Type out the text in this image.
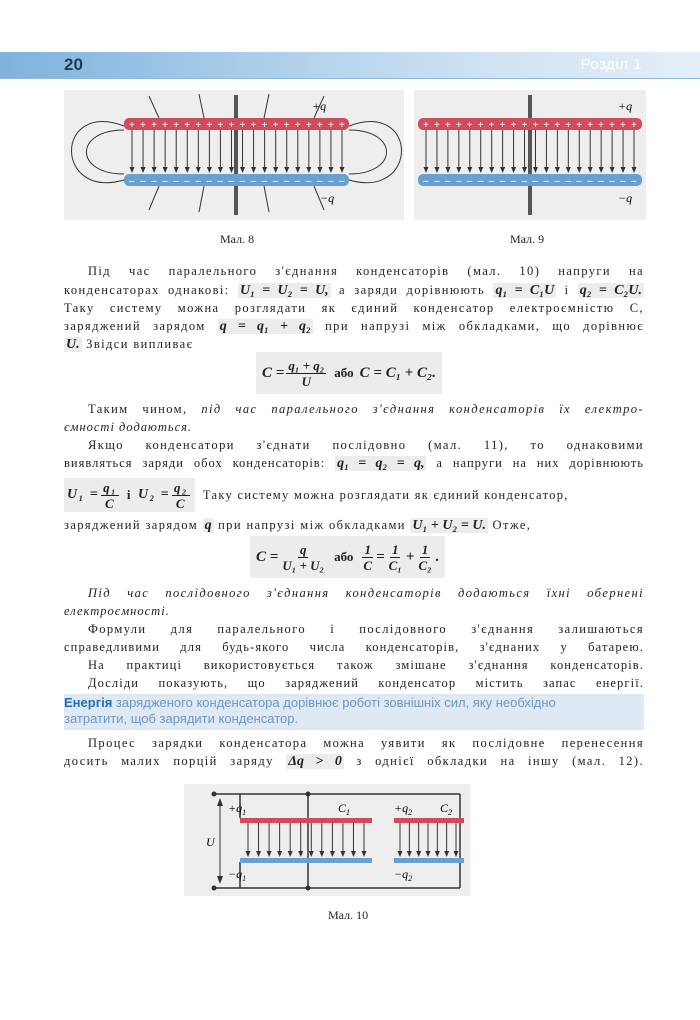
20	Розділ 1
+
–
+
–
+
–
+
–
+
–
+
–
+
–
+
–
+
–
+
–
+
–
+
–
+
–
+
–
+
–
+
–
+
–
+
–
+
–
+
–
+q
−q
Мал. 8
+
–
+
–
+
–
+
–
+
–
+
–
+
–
+
–
+
–
+
–
+
–
+
–
+
–
+
–
+
–
+
–
+
–
+
–
+
–
+
–
+q
−q
Мал. 9
Під час паралельного з'єднання конденсаторів (мал. 10) напруги на
конденсаторах однакові: U₁ = U₂ = U, а заряди дорівнюють q₁ = C₁U і q₂ = C₂U.
Таку систему можна розглядати як єдиний конденсатор електроємністю C,
заряджений зарядом q = q₁ + q₂ при напрузі між обкладками, що дорівнює
U. Звідси випливає
$C = \frac{\text{q₁ + q₂}}{U}$ або C = C₁ + C₂.
Таким чином, під час паралельного з'єднання конденсаторів їх електро-
ємності додаються.
Якщо конденсатори з'єднати послідовно (мал. 11), то однаковими
виявляться заряди обох конденсаторів: q₁ = q₂ = q, а напруги на них дорівнюють
$U_1 = \frac{\text{q₁}}{C}$ і $U_2 = \frac{\text{q₂}}{C}$ Таку систему можна розглядати як єдиний конденсатор,
заряджений зарядом q при напрузі між обкладками U₁ + U₂ = U. Отже,
$C = \frac{q}{\text{U₁ + U₂}}$ або $\frac{1}{C} = \frac{1}{\text{C₁}} + \frac{1}{\text{C₂}}$ .
Під час послідовного з'єднання конденсаторів додаються їхні обернені
електроємності.
Формули для паралельного і послідовного з'єднання залишаються
справедливими для будь-якого числа конденсаторів, з'єднаних у батарею.
На практиці використовується також змішане з'єднання конденсаторів.
Досліди показують, що заряджений конденсатор містить запас енергії.
Енергія зарядженого конденсатора дорівнює роботі зовнішніх сил, яку необхідно
затратити, щоб зарядити конденсатор.
Процес зарядки конденсатора можна уявити як послідовне перенесення
досить малих порцій заряду Δq > 0 з однієї обкладки на іншу (мал. 12).
$+q_1$	$C_1$	$+q_2$ $C_2$
$-q_1$	$-q_2$
U
Мал. 10
